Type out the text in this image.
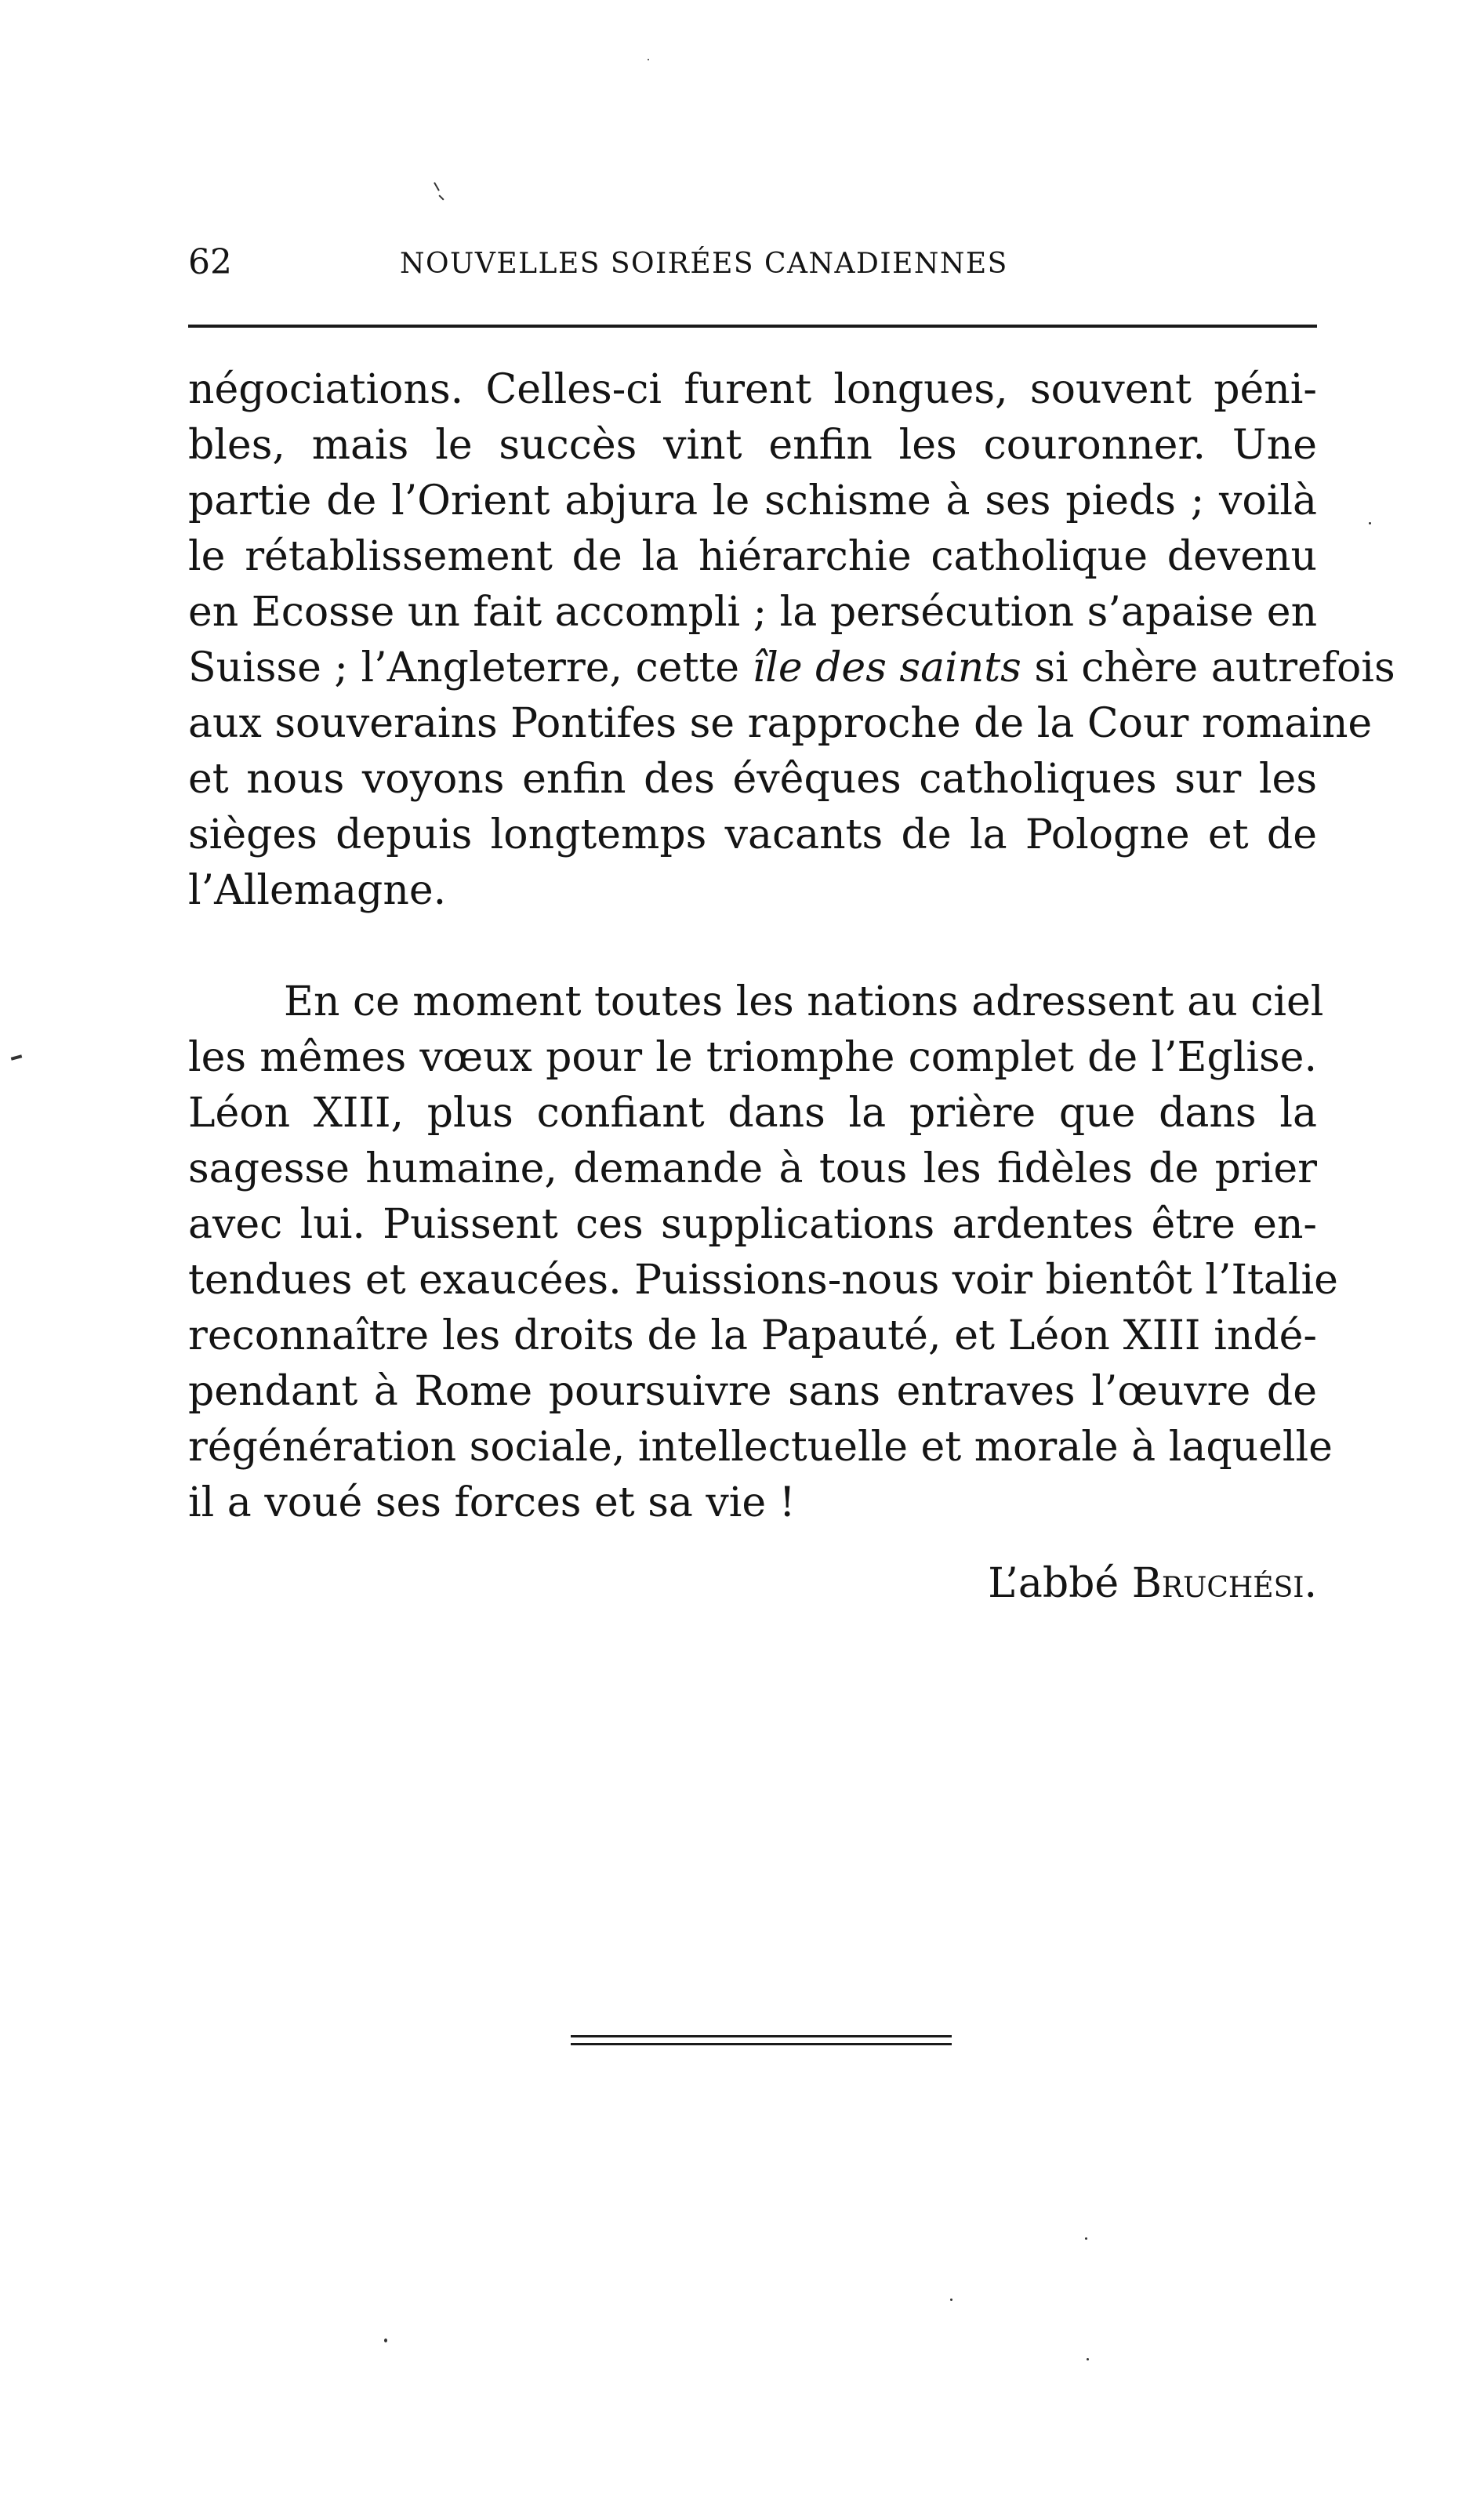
62	NOUVELLES SOIRÉES CANADIENNES
négociations. Celles-ci furent longues, souvent péni-
bles, mais le succès vint enfin les couronner. Une
partie de l’Orient abjura le schisme à ses pieds ; voilà
le rétablissement de la hiérarchie catholique devenu
en Ecosse un fait accompli ; la persécution s’apaise en
Suisse ; l’Angleterre, cette île des saints si chère autrefois
aux souverains Pontifes se rapproche de la Cour romaine
et nous voyons enfin des évêques catholiques sur les
sièges depuis longtemps vacants de la Pologne et de
l’Allemagne.
En ce moment toutes les nations adressent au ciel
les mêmes vœux pour le triomphe complet de l’Eglise.
Léon XIII, plus confiant dans la prière que dans la
sagesse humaine, demande à tous les fidèles de prier
avec lui. Puissent ces supplications ardentes être en-
tendues et exaucées. Puissions-nous voir bientôt l’Italie
reconnaître les droits de la Papauté, et Léon XIII indé-
pendant à Rome poursuivre sans entraves l’œuvre de
régénération sociale, intellectuelle et morale à laquelle
il a voué ses forces et sa vie !
L’abbé Bruchési.
